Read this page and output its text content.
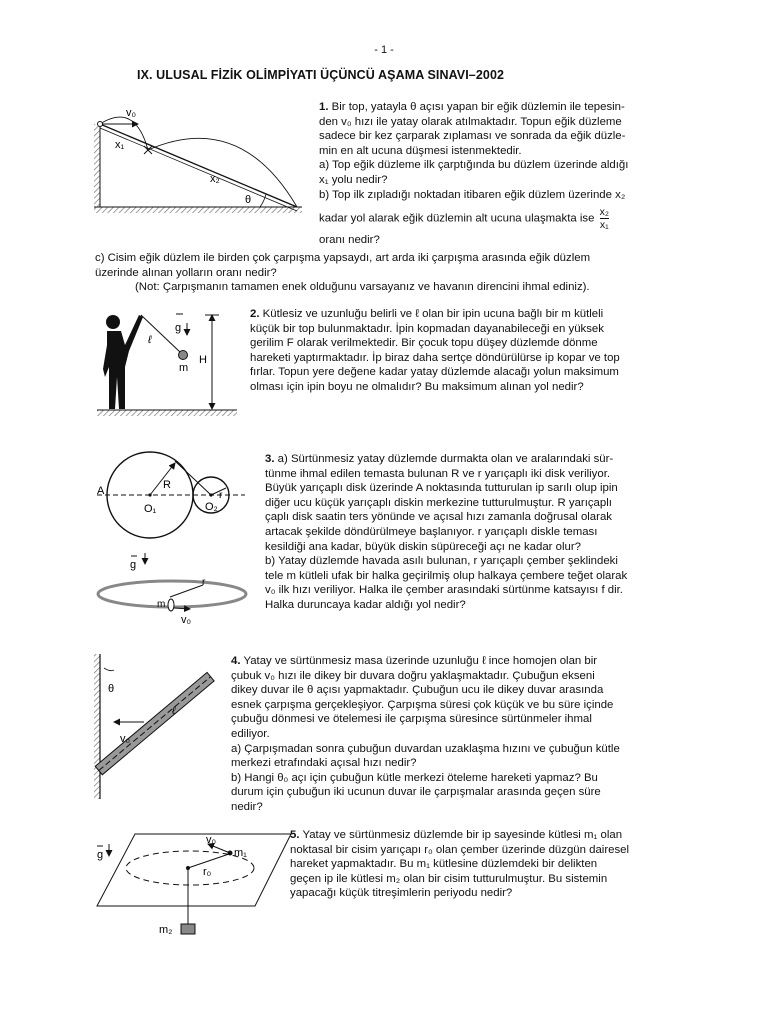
- 1 -
IX. ULUSAL FİZİK OLİMPİYATI ÜÇÜNCÜ AŞAMA SINAVI–2002
v₀
x₁
x₂
θ
1. Bir top, yatayla θ açısı yapan bir eğik düzlemin ile tepesin-
den v₀ hızı ile yatay olarak atılmaktadır. Topun eğik düzleme
sadece bir kez çarparak zıplaması ve sonrada da eğik düzle-
min en alt ucuna düşmesi istenmektedir.
a) Top eğik düzleme ilk çarptığında bu düzlem üzerinde aldığı
x₁ yolu nedir?
b) Top ilk zıpladığı noktadan itibaren eğik düzlem üzerinde x₂
kadar yol alarak eğik düzlemin alt ucuna ulaşmakta ise $\frac{\text{x₂}}{\text{x₁}}$
oranı nedir?
c) Cisim eğik düzlem ile birden çok çarpışma yapsaydı, art arda iki çarpışma arasında eğik düzlem
üzerinde alınan yolların oranı nedir?
(Not: Çarpışmanın tamamen enek olduğunu varsayanız ve havanın direncini ihmal ediniz).
g
ℓ
m
H
2. Kütlesiz ve uzunluğu belirli ve ℓ olan bir ipin ucuna bağlı bir m kütleli
küçük bir top bulunmaktadır. İpin kopmadan dayanabileceği en yüksek
gerilim F olarak verilmektedir. Bir çocuk topu düşey düzlemde dönme
hareketi yaptırmaktadır. İp biraz daha sertçe döndürülürse ip kopar ve top
fırlar. Topun yere değene kadar yatay düzlemde alacağı yolun maksimum
olması için ipin boyu ne olmalıdır? Bu maksimum alınan yol nedir?
A	R
r
O₁	O₂
g
r
m
v₀
3. a) Sürtünmesiz yatay düzlemde durmakta olan ve aralarındaki sür-
tünme ihmal edilen temasta bulunan R ve r yarıçaplı iki disk veriliyor.
Büyük yarıçaplı disk üzerinde A noktasında tutturulan ip sarılı olup ipin
diğer ucu küçük yarıçaplı diskin merkezine tutturulmuştur. R yarıçaplı
çaplı disk saatin ters yönünde ve açısal hızı zamanla doğrusal olarak
artacak şekilde döndürülmeye başlanıyor. r yarıçaplı diskle teması
kesildiği ana kadar, büyük diskin süpüreceği açı ne kadar olur?
b) Yatay düzlemde havada asılı bulunan, r yarıçaplı çember şeklindeki
tele m kütleli ufak bir halka geçirilmiş olup halkaya çembere teğet olarak
v₀ ilk hızı veriliyor. Halka ile çember arasındaki sürtünme katsayısı f dir.
Halka duruncaya kadar aldığı yol nedir?
θ
ℓ
v₀
4. Yatay ve sürtünmesiz masa üzerinde uzunluğu ℓ ince homojen olan bir
çubuk v₀ hızı ile dikey bir duvara doğru yaklaşmaktadır. Çubuğun ekseni
dikey duvar ile θ açısı yapmaktadır. Çubuğun ucu ile dikey duvar arasında
esnek çarpışma gerçekleşiyor. Çarpışma süresi çok küçük ve bu süre içinde
çubuğu dönmesi ve ötelemesi ile çarpışma süresince sürtünmeler ihmal
ediliyor.
a) Çarpışmadan sonra çubuğun duvardan uzaklaşma hızını ve çubuğun kütle
merkezi etrafındaki açısal hızı nedir?
b) Hangi θ₀ açı için çubuğun kütle merkezi öteleme hareketi yapmaz? Bu
durum için çubuğun iki ucunun duvar ile çarpışmalar arasında geçen süre
nedir?
g
v₀
m₁
r₀
m₂
5. Yatay ve sürtünmesiz düzlemde bir ip sayesinde kütlesi m₁ olan
noktasal bir cisim yarıçapı r₀ olan çember üzerinde düzgün dairesel
hareket yapmaktadır. Bu m₁ kütlesine düzlemdeki bir delikten
geçen ip ile kütlesi m₂ olan bir cisim tutturulmuştur. Bu sistemin
yapacağı küçük titreşimlerin periyodu nedir?
